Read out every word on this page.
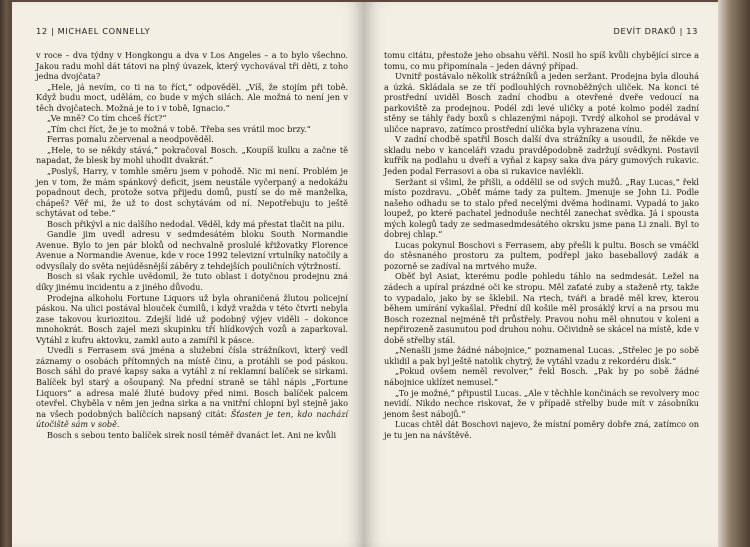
12 | MICHAEL CONNELLY

v roce – dva týdny v Hongkongu a dva v Los Angeles – a to bylo všechno. Jakou radu mohl dát tátovi na plný úvazek, který vychovával tři děti, z toho jedna dvojčata?

„Hele, já nevím, co ti na to říct,“ odpověděl. „Víš, že stojím při tobě. Když budu moct, udělám, co bude v mých silách. Ale možná to není jen v těch dvojčatech. Možná je to i v tobě, Ignacio.“

„Ve mně? Co tím chceš říct?“

„Tím chci říct, že je to možná v tobě. Třeba ses vrátil moc brzy.“

Ferras pomalu zčervenal a neodpověděl.

„Hele, to se někdy stává,“ pokračoval Bosch. „Koupíš kulku a začne tě napadat, že blesk by mohl uhodit dvakrát.“

„Poslyš, Harry, v tomhle směru jsem v pohodě. Nic mi není. Problém je jen v tom, že mám spánkový deficit, jsem neustále vyčerpaný a nedokážu popadnout dech, protože sotva přijedu domů, pustí se do mě manželka, chápeš? Věř mi, že už to dost schytávám od ní. Nepotřebuju to ještě schytávat od tebe.“

Bosch přikývl a nic dalšího nedodal. Věděl, kdy má přestat tlačit na pilu.

Gandle jim uvedl adresu v sedmdesátém bloku South Normandie Avenue. Bylo to jen pár bloků od nechvalně proslulé křižovatky Florence Avenue a Normandie Avenue, kde v roce 1992 televizní vrtulníky natočily a odvysílaly do světa nejúděsnější záběry z tehdejších pouličních výtržností.

Bosch si však rychle uvědomil, že tuto oblast i dotyčnou prodejnu zná díky jinému incidentu a z jiného důvodu.

Prodejna alkoholu Fortune Liquors už byla ohraničená žlutou policejní páskou. Na ulici postával hlouček čumilů, i když vražda v této čtvrti nebyla zase takovou kuriozitou. Zdejší lidé už podobný výjev viděli – dokonce mnohokrát. Bosch zajel mezi skupinku tří hlídkových vozů a zaparkoval. Vytáhl z kufru aktovku, zamkl auto a zamířil k pásce.

Uvedli s Ferrasem svá jména a služební čísla strážníkovi, který vedl záznamy o osobách přítomných na místě činu, a protáhli se pod páskou. Bosch sáhl do pravé kapsy saka a vytáhl z ní reklamní balíček se sirkami. Balíček byl starý a ošoupaný. Na přední straně se táhl nápis „Fortune Liquors“ a adresa malé žluté budovy před nimi. Bosch balíček palcem otevřel. Chyběla v něm jen jedna sirka a na vnitřní chlopni byl stejně jako na všech podobných balíčcích napsaný citát: Šťasten je ten, kdo nachází útočiště sám v sobě.

Bosch s sebou tento balíček sirek nosil téměř dvanáct let. Ani ne kvůli

DEVÍT DRAKŮ | 13

tomu citátu, přestože jeho obsahu věřil. Nosil ho spíš kvůli chybějící sirce a tomu, co mu připomínala – jeden dávný případ.

Uvnitř postávalo několik strážníků a jeden seržant. Prodejna byla dlouhá a úzká. Skládala se ze tří podlouhlých rovnoběžných uliček. Na konci té prostřední uviděl Bosch zadní chodbu a otevřené dveře vedoucí na parkoviště za prodejnou. Podél zdi levé uličky a poté kolmo podél zadní stěny se táhly řady boxů s chlazenými nápoji. Tvrdý alkohol se prodával v uličce napravo, zatímco prostřední ulička byla vyhrazena vínu.

V zadní chodbě spatřil Bosch další dva strážníky a usoudil, že někde ve skladu nebo v kanceláři vzadu pravděpodobně zadržují svědkyni. Postavil kufřík na podlahu u dveří a vyňal z kapsy saka dva páry gumových rukavic. Jeden podal Ferrasovi a oba si rukavice navlékli.

Seržant si všiml, že přišli, a oddělil se od svých mužů. „Ray Lucas,“ řekl místo pozdravu. „Oběť máme tady za pultem. Jmenuje se John Li. Podle našeho odhadu se to stalo před necelými dvěma hodinami. Vypadá to jako loupež, po které pachatel jednoduše nechtěl zanechat svědka. Já i spousta mých kolegů tady ze sedmasedmdesátého okrsku jsme pana Li znali. Byl to dobrej chlap.“

Lucas pokynul Boschovi s Ferrasem, aby přešli k pultu. Bosch se vmáčkl do stěsnaného prostoru za pultem, podřepl jako baseballový zadák a pozorně se zadíval na mrtvého muže.

Oběť byl Asiat, kterému podle pohledu táhlo na sedmdesát. Ležel na zádech a upíral prázdné oči ke stropu. Měl zaťaté zuby a staženě rty, takže to vypadalo, jako by se šklebil. Na rtech, tváři a bradě měl krev, kterou během umírání vykašlal. Přední díl košile měl prosáklý krví a na prsou mu Bosch rozeznal nejméně tři průstřely. Pravou nohu měl ohnutou v koleni a nepřirozeně zasunutou pod druhou nohu. Očividně se skácel na místě, kde v době střelby stál.

„Nenašli jsme žádné nábojnice,“ poznamenal Lucas. „Střelec je po sobě uklidil a pak byl ještě natolik chytrý, že vytáhl vzadu z rekordéru disk.“

„Pokud ovšem neměl revolver,“ řekl Bosch. „Pak by po sobě žádné nábojnice uklízet nemusel.“

„To je možné,“ připustil Lucas. „Ale v těchhle končinách se revolvery moc nevidí. Nikdo nechce riskovat, že v případě střelby bude mít v zásobníku jenom šest nábojů.“

Lucas chtěl dát Boschovi najevo, že místní poměry dobře zná, zatímco on je tu jen na návštěvě.
